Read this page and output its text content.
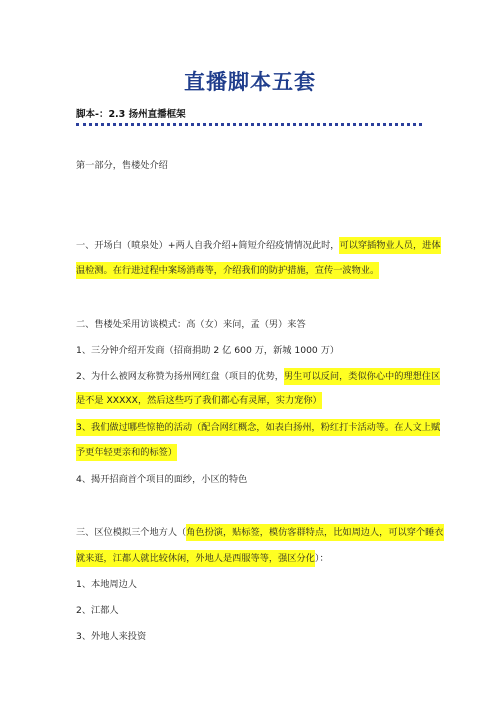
直播脚本五套
脚本-：2.3 扬州直播框架
第一部分，售楼处介绍
一、开场白（喷泉处）+两人自我介绍+简短介绍疫情情况此时，可以穿插物业人员，进体
温检测。在行进过程中案场消毒等，介绍我们的防护措施，宣传一波物业。
二、售楼处采用访谈模式：高（女）来问，孟（男）来答
1、三分钟介绍开发商（招商捐助 2 亿 600 万，新城 1000 万）
2、为什么被网友称赞为扬州网红盘（项目的优势，男生可以反问，类似你心中的理想住区
是不是 XXXXX，然后这些巧了我们都心有灵犀，实力宠你）
3、我们做过哪些惊艳的活动（配合网红概念，如表白扬州，粉红打卡活动等。在人文上赋
予更年轻更亲和的标签）
4、揭开招商首个项目的面纱，小区的特色
三、区位模拟三个地方人（角色扮演，贴标签，模仿客群特点，比如周边人，可以穿个睡衣
就来逛，江都人就比较休闲，外地人是西服等等，强区分化）：
1、本地周边人
2、江都人
3、外地人来投资
